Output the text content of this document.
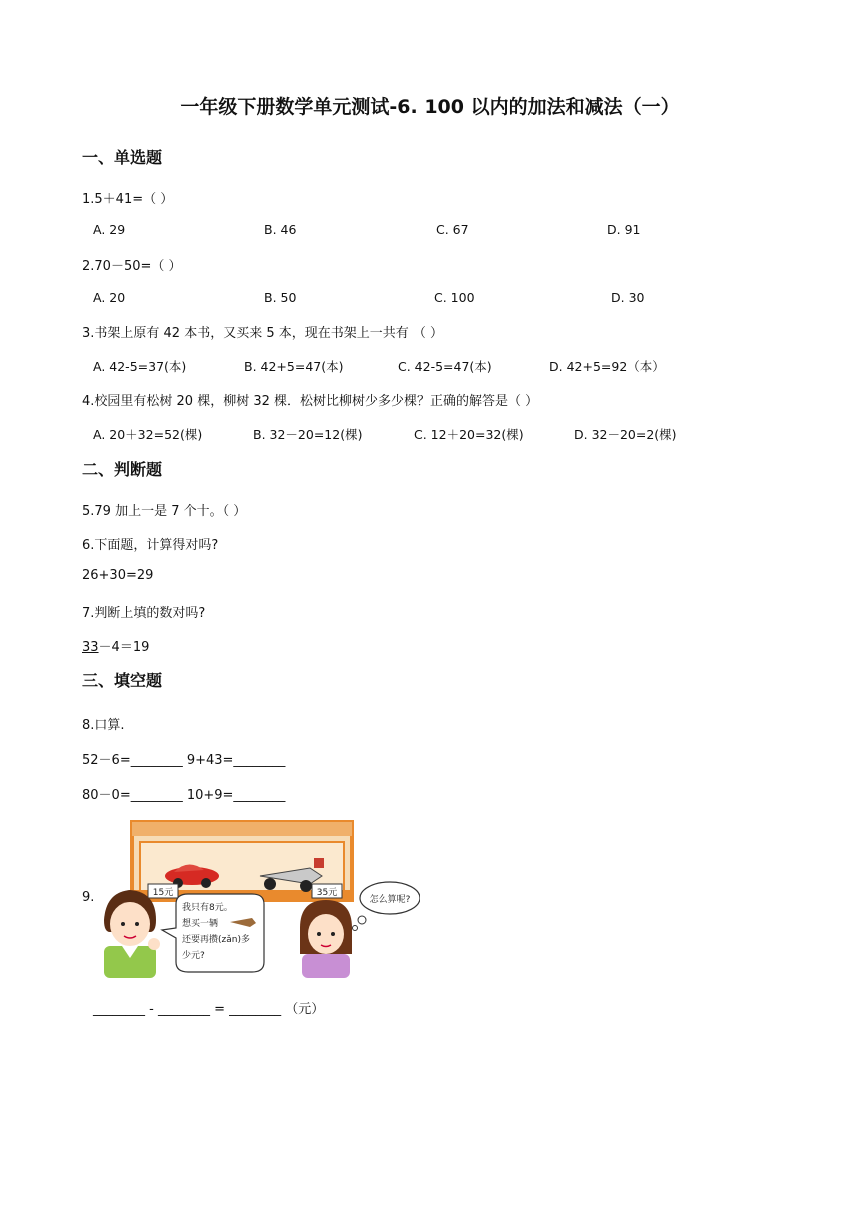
一年级下册数学单元测试-6. 100 以内的加法和减法（一）
一、单选题
1.5＋41=（ ）
A. 29	B. 46	C. 67	D. 91
2.70－50=（ ）
A. 20	B. 50	C. 100	D. 30
3.书架上原有 42 本书，又买来 5 本，现在书架上一共有 （ ）
A. 42-5=37(本)	B. 42+5=47(本)	C. 42-5=47(本)	D. 42+5=92（本）
4.校园里有松树 20 棵，柳树 32 棵．松树比柳树少多少棵？正确的解答是（ ）
A. 20＋32=52(棵)	B. 32－20=12(棵)	C. 12＋20=32(棵)	D. 32－20=2(棵)
二、判断题
5.79 加上一是 7 个十。（ ）
6.下面题，计算得对吗?
26+30=29
7.判断上填的数对吗?
33－4＝19
三、填空题
8.口算.
52－6=________ 9+43=________
80－0=________ 10+9=________
9.	15元	35元
我只有8元。
想买一辆
还要再攒(zǎn)多
少元?
怎么算呢?
________ - ________ = ________ （元）
